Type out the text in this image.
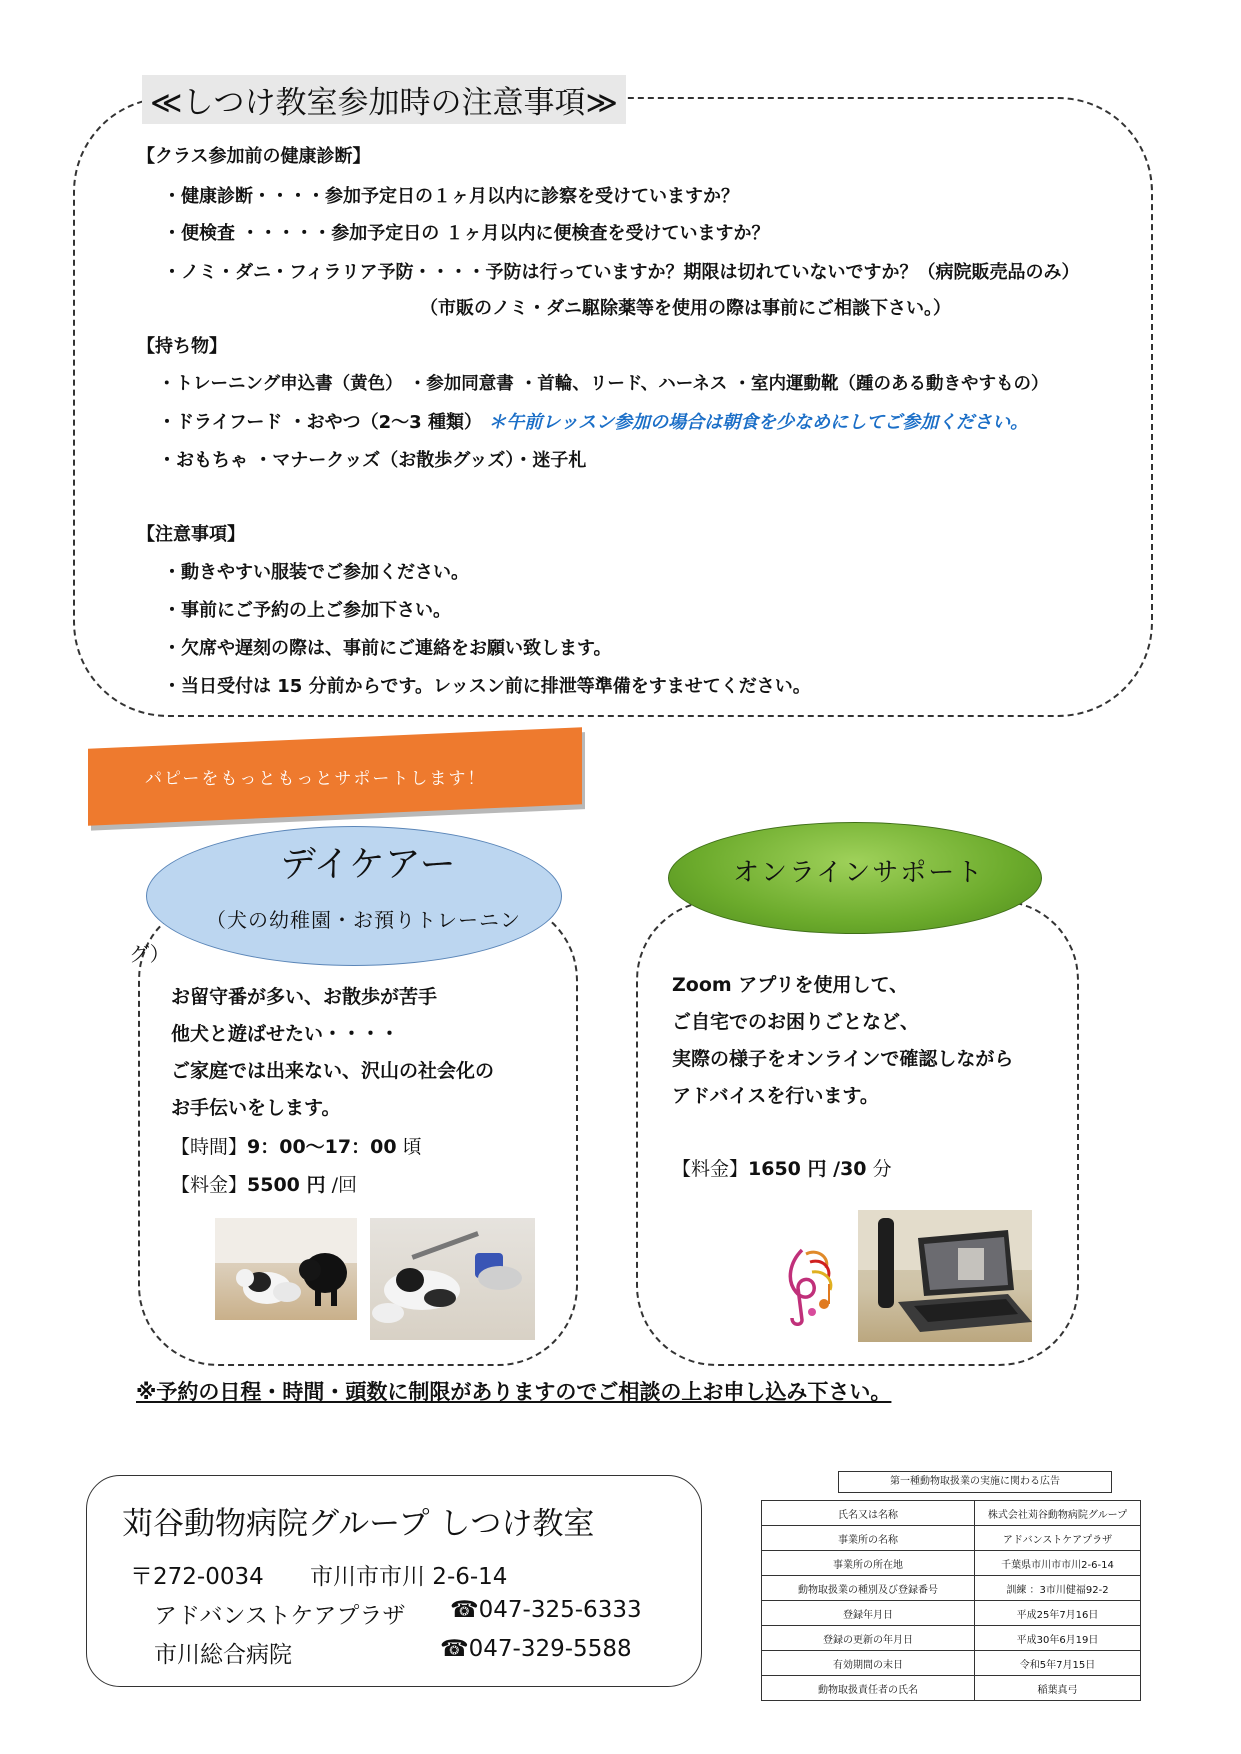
≪しつけ教室参加時の注意事項≫
【クラス参加前の健康診断】
・健康診断・・・・参加予定日の１ヶ月以内に診察を受けていますか？
・便検査 ・・・・・参加予定日の １ヶ月以内に便検査を受けていますか？
・ノミ・ダニ・フィラリア予防・・・・予防は行っていますか？期限は切れていないですか？（病院販売品のみ）
（市販のノミ・ダニ駆除薬等を使用の際は事前にご相談下さい。）
【持ち物】
・トレーニング申込書（黄色） ・参加同意書 ・首輪、リード、ハーネス ・室内運動靴（踵のある動きやすもの）
・ドライフード ・おやつ（2～3 種類） ＊午前レッスン参加の場合は朝食を少なめにしてご参加ください。
・おもちゃ ・マナークッズ（お散歩グッズ）・迷子札
【注意事項】
・動きやすい服装でご参加ください。
・事前にご予約の上ご参加下さい。
・欠席や遅刻の際は、事前にご連絡をお願い致します。
・当日受付は 15 分前からです。レッスン前に排泄等準備をすませてください。
パピーをもっともっとサポートします！
デイケアー
（犬の幼稚園・お預りトレーニン
グ）
お留守番が多い、お散歩が苦手
他犬と遊ばせたい・・・・
ご家庭では出来ない、沢山の社会化の
お手伝いをします。
【時間】9：00～17：00 頃
【料金】5500 円 /回
オンラインサポート
Zoom アプリを使用して、
ご自宅でのお困りごとなど、
実際の様子をオンラインで確認しながら
アドバイスを行います。
【料金】1650 円 /30 分
※予約の日程・時間・頭数に制限がありますのでご相談の上お申し込み下さい。
苅谷動物病院グループ しつけ教室
〒272-0034 市川市市川 2-6-14
アドバンストケアプラザ ☎047-325-6333
市川総合病院	☎047-329-5588
第一種動物取扱業の実施に関わる広告
氏名又は名称	株式会社苅谷動物病院グループ
事業所の名称	アドバンストケアプラザ
事業所の所在地	千葉県市川市市川2-6-14
動物取扱業の種別及び登録番号	訓練 ：3市川健福92-2
登録年月日	平成25年7月16日
登録の更新の年月日	平成30年6月19日
有効期間の末日	令和5年7月15日
動物取扱責任者の氏名	稲葉真弓
